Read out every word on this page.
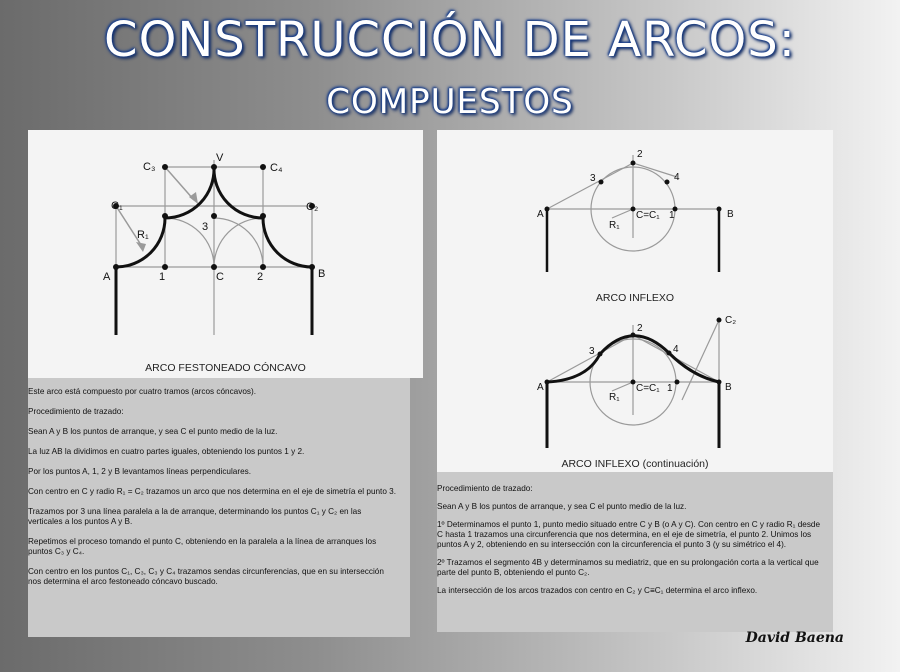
CONSTRUCCIÓN DE ARCOS:
COMPUESTOS
C₃
V
C₄
C₁	C₂
R₁
3
A	1	C	2	B
ARCO FESTONEADO CÓNCAVO

Este arco está compuesto por cuatro tramos (arcos cóncavos).

Procedimiento de trazado:

Sean A y B los puntos de arranque, y sea C el punto medio de la luz.

La luz AB la dividimos en cuatro partes iguales, obteniendo los puntos 1 y 2.

Por los puntos A, 1, 2 y B levantamos líneas perpendiculares.

Con centro en C y radio R₁ = C₂ trazamos un arco que nos determina en el eje de simetría el punto 3.

Trazamos por 3 una línea paralela a la de arranque, determinando los puntos C₁ y C₂ en las verticales a los puntos A y B.

Repetimos el proceso tomando el punto C, obteniendo en la paralela a la línea de arranques los puntos C₃ y C₄.

Con centro en los puntos C₁, C₃, C₃ y C₄ trazamos sendas circunferencias, que en su intersección nos determina el arco festoneado cóncavo buscado.

2
3	4
A	C=C₁ 1	B
R₁
2
3	4
A	C=C₁ 1	B
R₁
C₂
ARCO INFLEXO
ARCO INFLEXO (continuación)

Procedimiento de trazado:

Sean A y B los puntos de arranque, y sea C el punto medio de la luz.

1º Determinamos el punto 1, punto medio situado entre C y B (o A y C). Con centro en C y radio R₁ desde C hasta 1 trazamos una circunferencia que nos determina, en el eje de simetría, el punto 2. Unimos los puntos A y 2, obteniendo en su intersección con la circunferencia el punto 3 (y su simétrico el 4).

2º Trazamos el segmento 4B y determinamos su mediatriz, que en su prolongación corta a la vertical que parte del punto B, obteniendo el punto C₂.

La intersección de los arcos trazados con centro en C₂ y C≡C₁ determina el arco inflexo.

David Baena
